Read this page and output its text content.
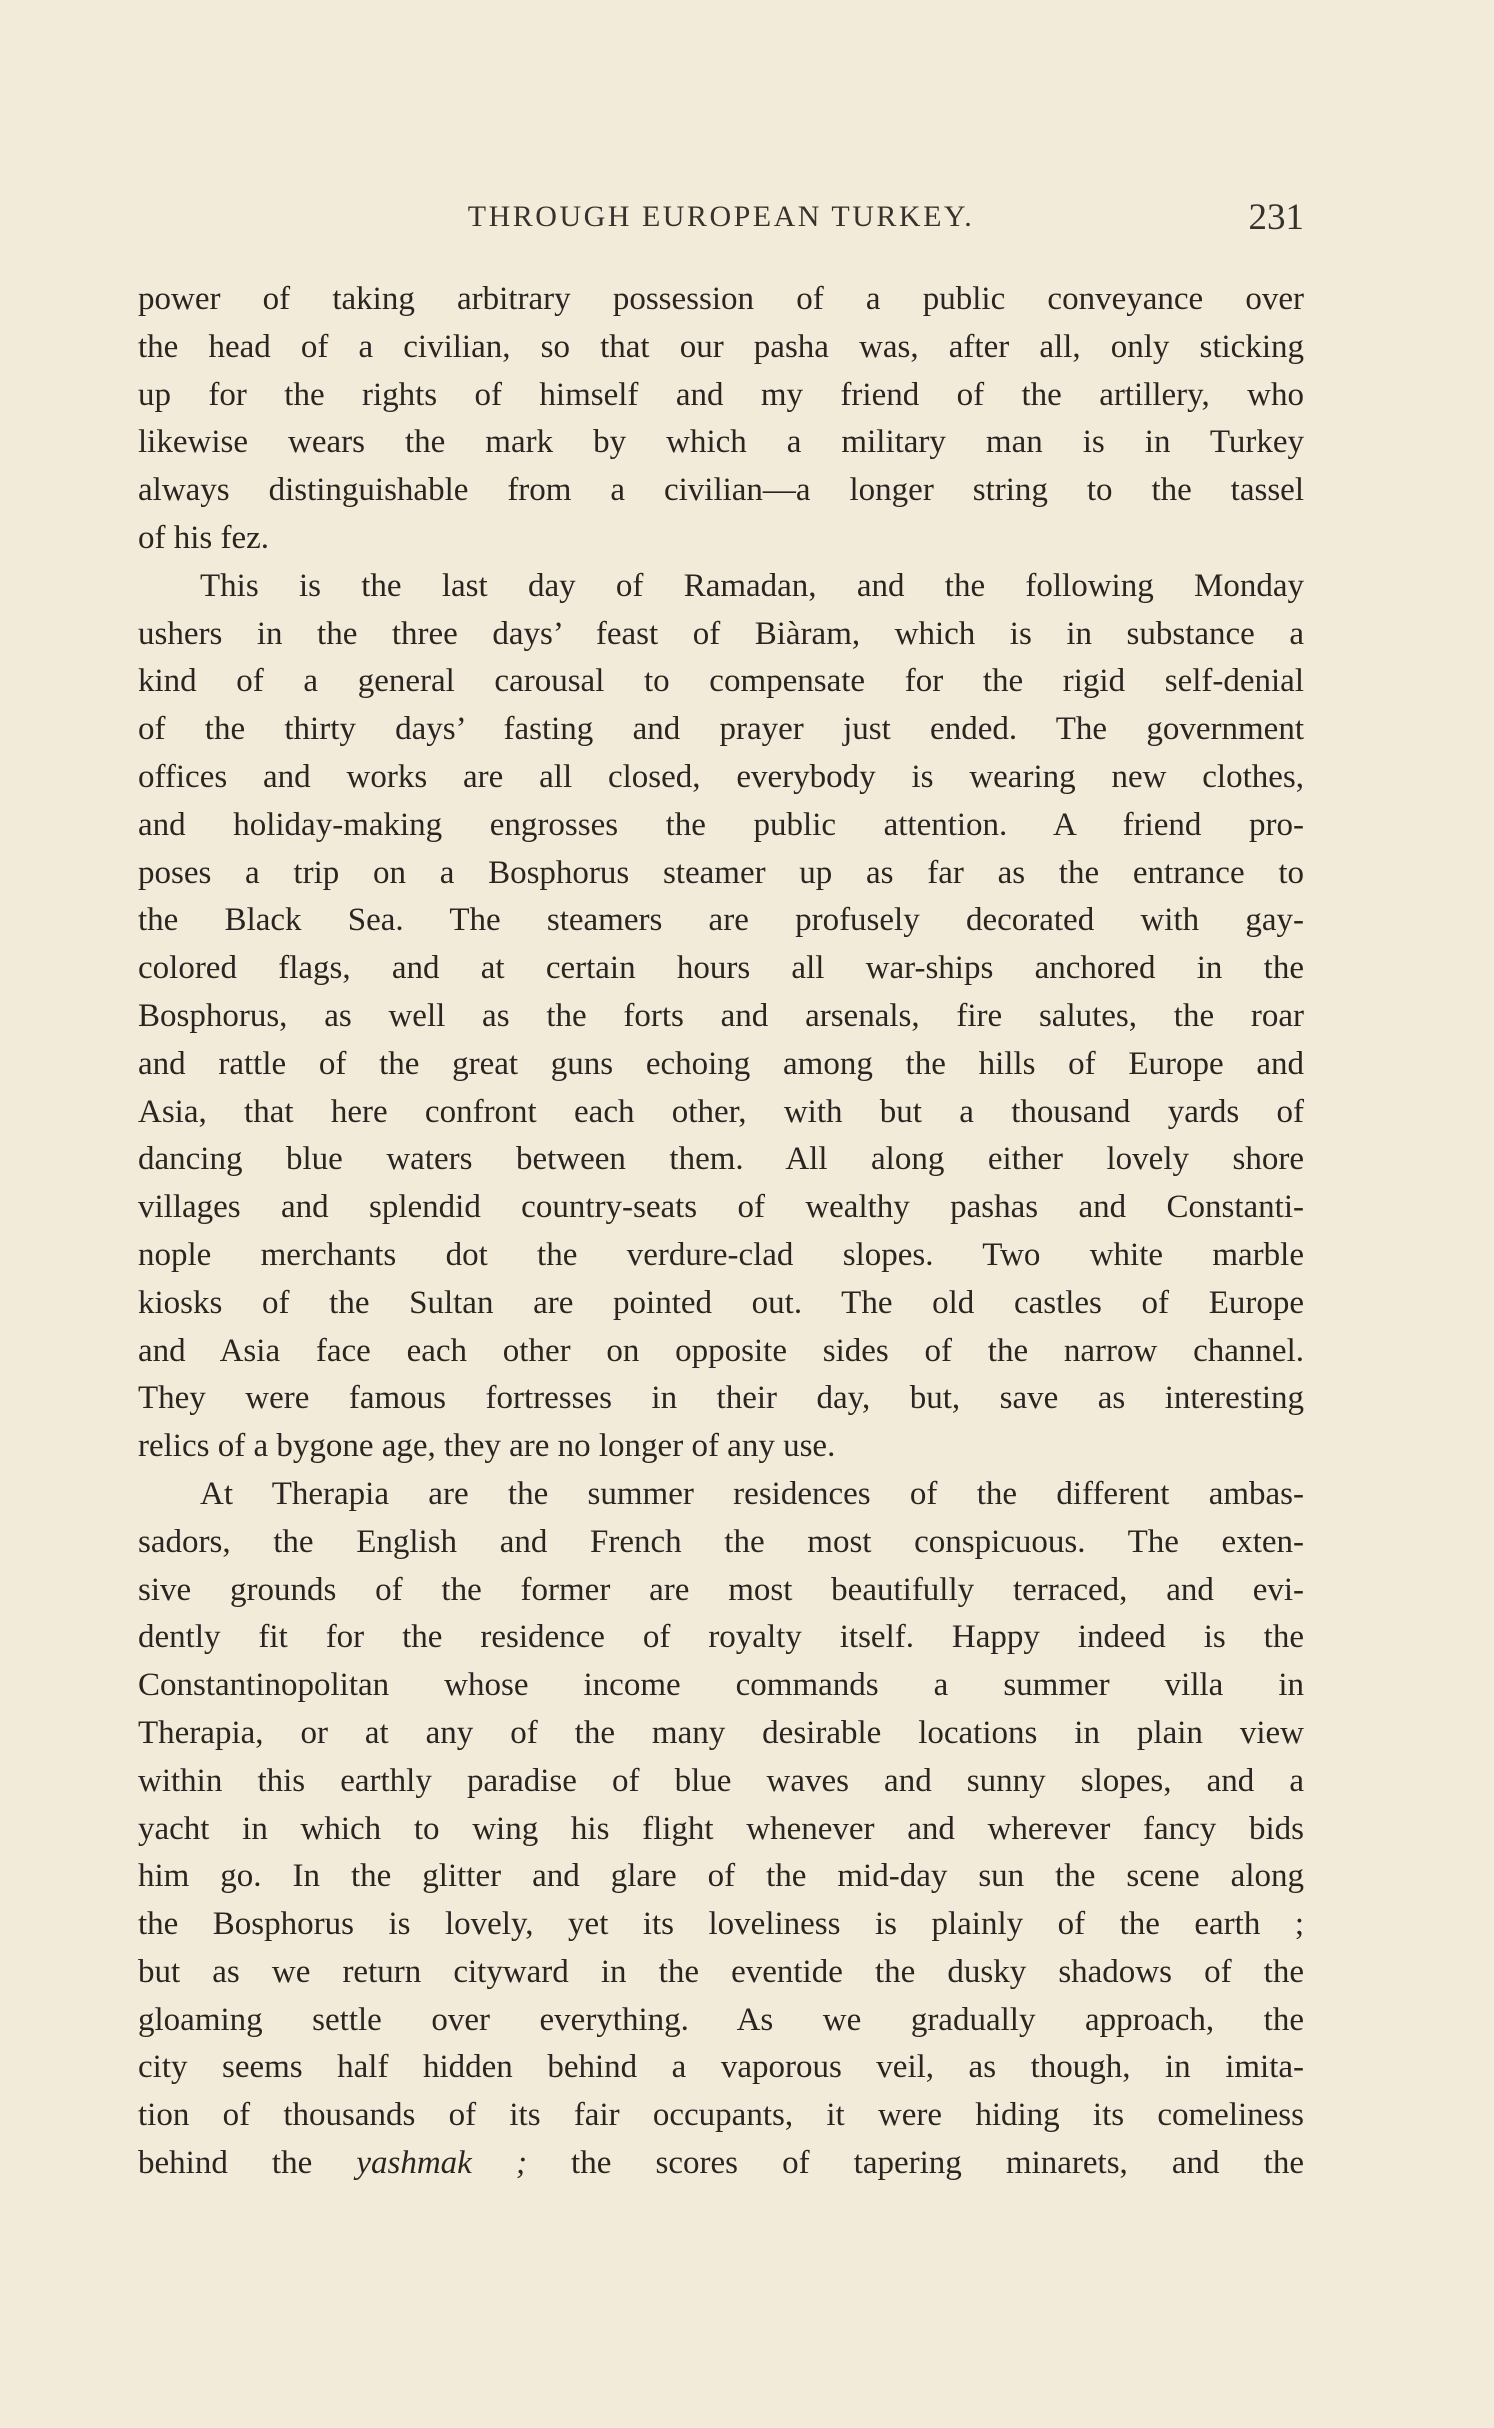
THROUGH EUROPEAN TURKEY.	231
power of taking arbitrary possession of a public conveyance over
the head of a civilian, so that our pasha was, after all, only sticking
up for the rights of himself and my friend of the artillery, who
likewise wears the mark by which a military man is in Turkey
always distinguishable from a civilian—a longer string to the tassel
of his fez.
This is the last day of Ramadan, and the following Monday
ushers in the three days’ feast of Biàram, which is in substance a
kind of a general carousal to compensate for the rigid self-denial
of the thirty days’ fasting and prayer just ended. The government
offices and works are all closed, everybody is wearing new clothes,
and holiday-making engrosses the public attention. A friend pro-
poses a trip on a Bosphorus steamer up as far as the entrance to
the Black Sea. The steamers are profusely decorated with gay-
colored flags, and at certain hours all war-ships anchored in the
Bosphorus, as well as the forts and arsenals, fire salutes, the roar
and rattle of the great guns echoing among the hills of Europe and
Asia, that here confront each other, with but a thousand yards of
dancing blue waters between them. All along either lovely shore
villages and splendid country-seats of wealthy pashas and Constanti-
nople merchants dot the verdure-clad slopes. Two white marble
kiosks of the Sultan are pointed out. The old castles of Europe
and Asia face each other on opposite sides of the narrow channel.
They were famous fortresses in their day, but, save as interesting
relics of a bygone age, they are no longer of any use.
At Therapia are the summer residences of the different ambas-
sadors, the English and French the most conspicuous. The exten-
sive grounds of the former are most beautifully terraced, and evi-
dently fit for the residence of royalty itself. Happy indeed is the
Constantinopolitan whose income commands a summer villa in
Therapia, or at any of the many desirable locations in plain view
within this earthly paradise of blue waves and sunny slopes, and a
yacht in which to wing his flight whenever and wherever fancy bids
him go. In the glitter and glare of the mid-day sun the scene along
the Bosphorus is lovely, yet its loveliness is plainly of the earth ;
but as we return cityward in the eventide the dusky shadows of the
gloaming settle over everything. As we gradually approach, the
city seems half hidden behind a vaporous veil, as though, in imita-
tion of thousands of its fair occupants, it were hiding its comeliness
behind the yashmak ; the scores of tapering minarets, and the
